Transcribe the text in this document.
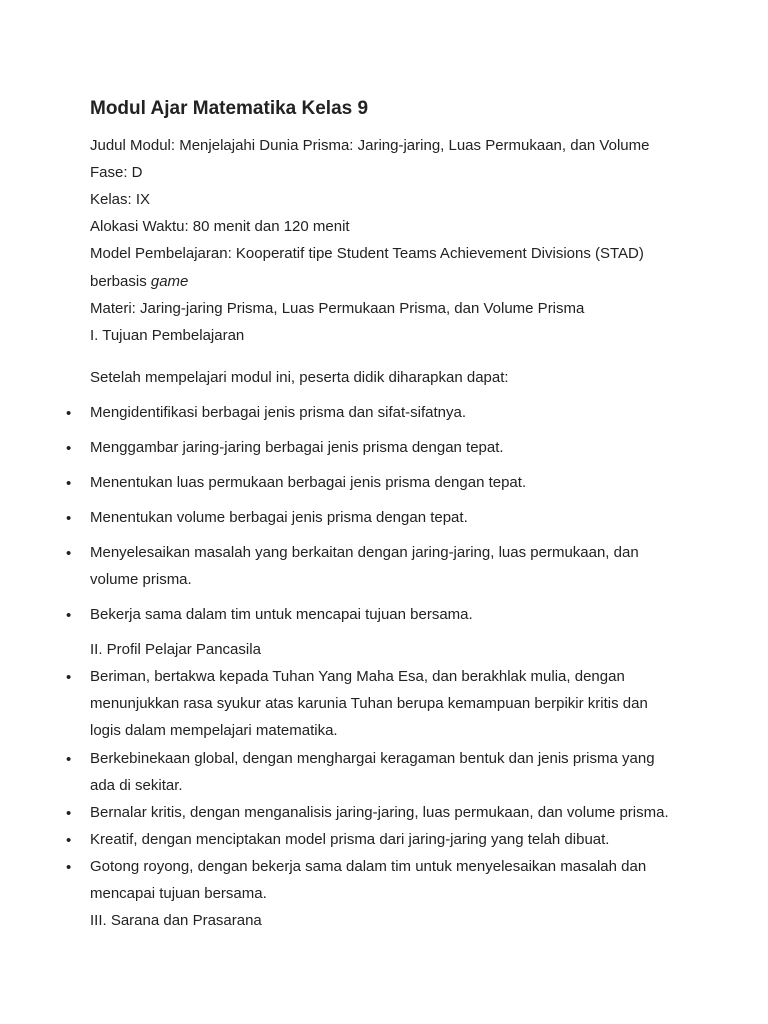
Modul Ajar Matematika Kelas 9
Judul Modul: Menjelajahi Dunia Prisma: Jaring-jaring, Luas Permukaan, dan Volume
Fase: D
Kelas: IX
Alokasi Waktu: 80 menit dan 120 menit
Model Pembelajaran: Kooperatif tipe Student Teams Achievement Divisions (STAD)
berbasis game
Materi: Jaring-jaring Prisma, Luas Permukaan Prisma, dan Volume Prisma
I. Tujuan Pembelajaran
Setelah mempelajari modul ini, peserta didik diharapkan dapat:
• Mengidentifikasi berbagai jenis prisma dan sifat-sifatnya.
• Menggambar jaring-jaring berbagai jenis prisma dengan tepat.
• Menentukan luas permukaan berbagai jenis prisma dengan tepat.
• Menentukan volume berbagai jenis prisma dengan tepat.
• Menyelesaikan masalah yang berkaitan dengan jaring-jaring, luas permukaan, dan volume prisma.
• Bekerja sama dalam tim untuk mencapai tujuan bersama.
II. Profil Pelajar Pancasila
• Beriman, bertakwa kepada Tuhan Yang Maha Esa, dan berakhlak mulia, dengan menunjukkan rasa syukur atas karunia Tuhan berupa kemampuan berpikir kritis dan logis dalam mempelajari matematika.
• Berkebinekaan global, dengan menghargai keragaman bentuk dan jenis prisma yang ada di sekitar.
• Bernalar kritis, dengan menganalisis jaring-jaring, luas permukaan, dan volume prisma.
• Kreatif, dengan menciptakan model prisma dari jaring-jaring yang telah dibuat.
• Gotong royong, dengan bekerja sama dalam tim untuk menyelesaikan masalah dan mencapai tujuan bersama.
III. Sarana dan Prasarana
